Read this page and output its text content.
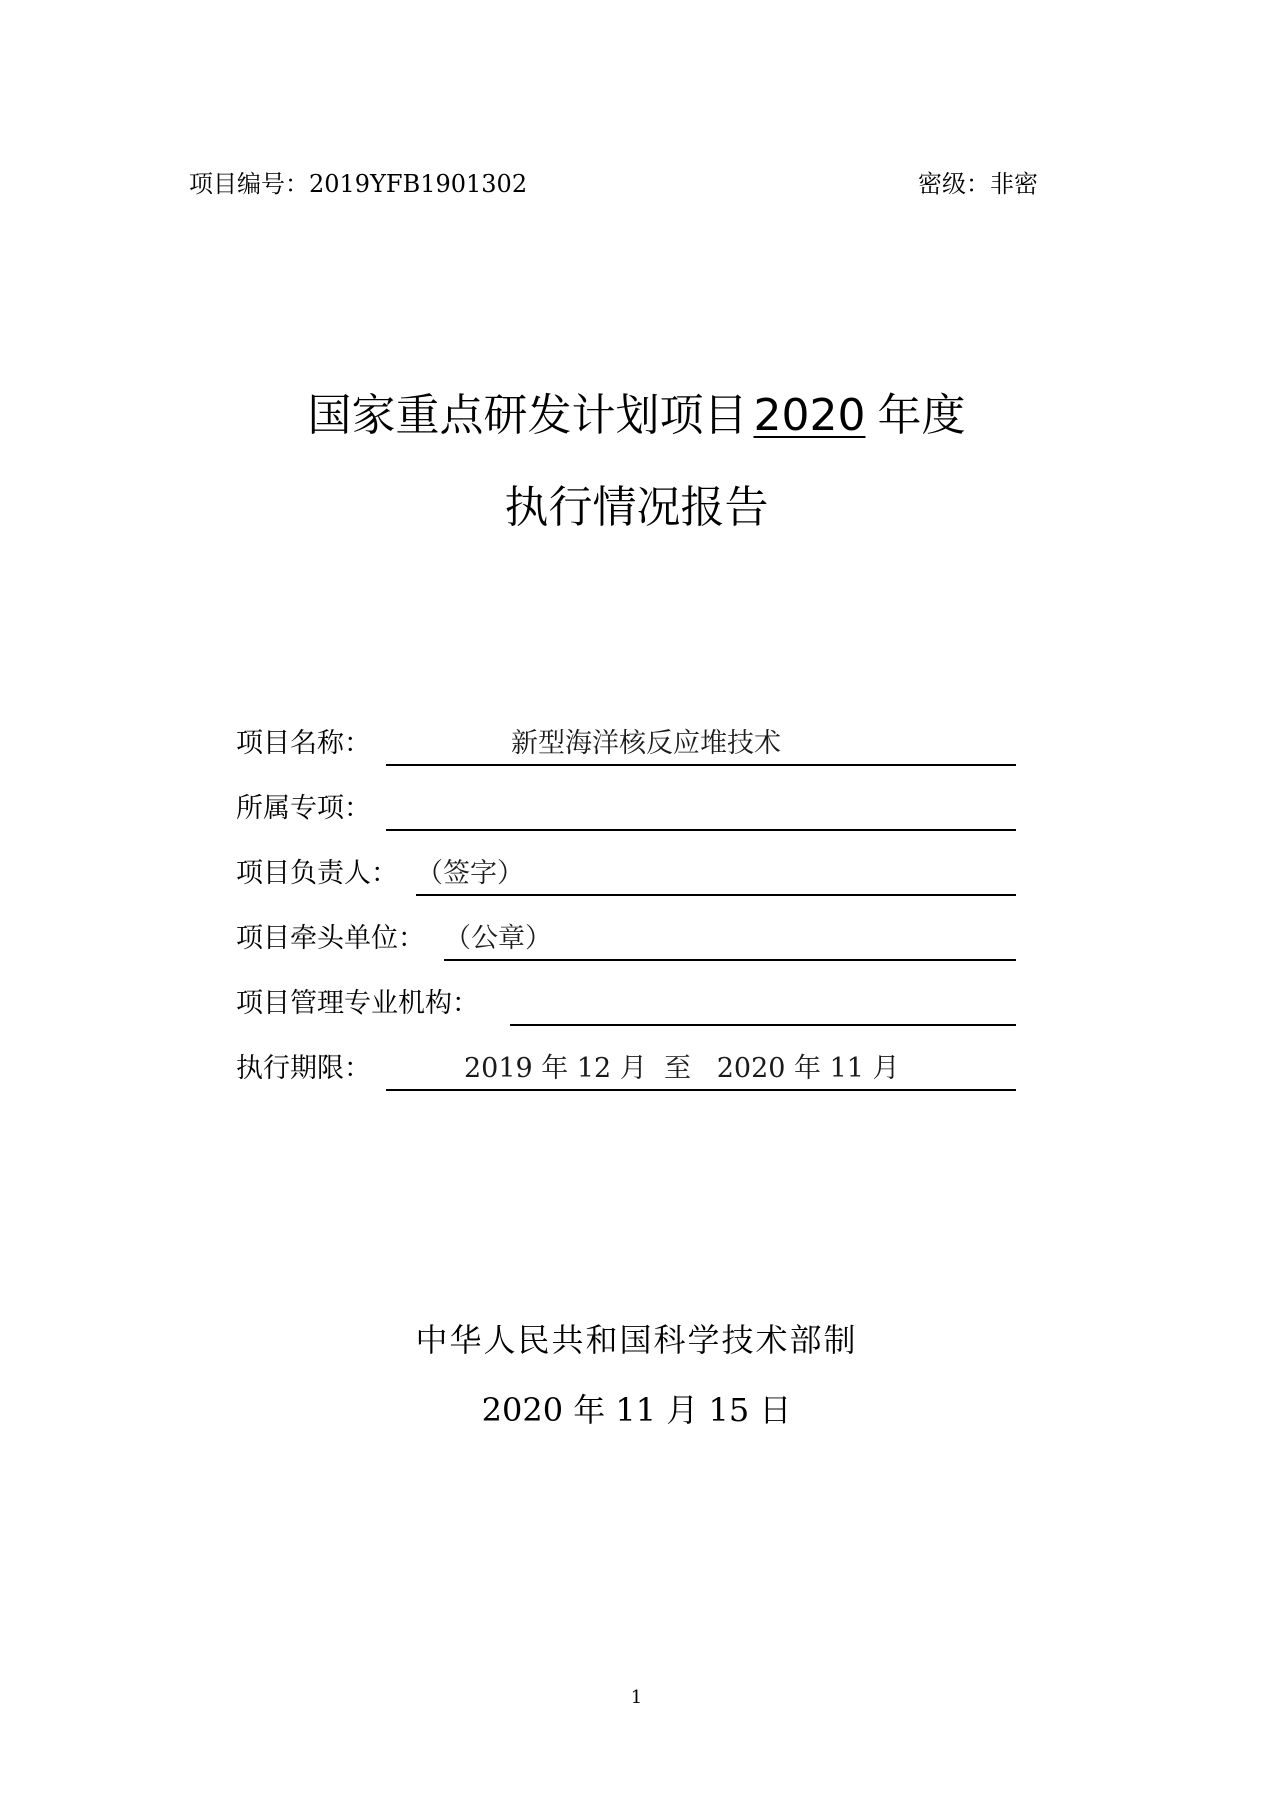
项目编号：2019YFB1901302	密级：非密
国家重点研发计划项目 2020 年度
执行情况报告
项目名称：	新型海洋核反应堆技术
所属专项：
项目负责人： （签字）
项目牵头单位： （公章）
项目管理专业机构：
执行期限：	2019 年 12 月  至   2020 年 11 月
中华人民共和国科学技术部制
2020 年 11 月 15 日
1
